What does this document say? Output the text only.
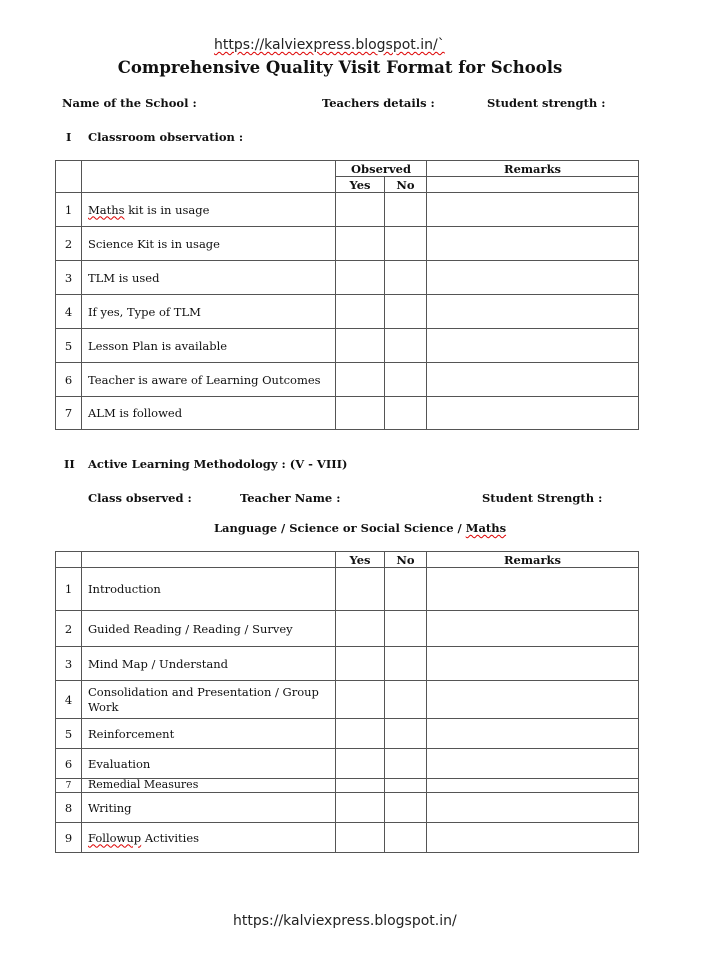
https://kalviexpress.blogspot.in/`
Comprehensive Quality Visit Format for Schools
Name of the School :	Teachers details :	Student strength :
I Classroom observation :
		Observed		Remarks
		Yes	No	
1	Maths kit is in usage			
2	Science Kit is in usage			
3	TLM is used			
4	If yes, Type of TLM			
5	Lesson Plan is available			
6	Teacher is aware of Learning Outcomes			
7	ALM is followed			
II Active Learning Methodology : (V - VIII)
Class observed :	Teacher Name :	Student Strength :
Language / Science or Social Science / Maths
		Yes	No	Remarks
1	Introduction			
2	Guided Reading / Reading / Survey			
3	Mind Map / Understand			
4	Consolidation and Presentation / Group Work			
5	Reinforcement			
6	Evaluation			
7	Remedial Measures			

8	Writing			
9	Followup Activities			
https://kalviexpress.blogspot.in/
